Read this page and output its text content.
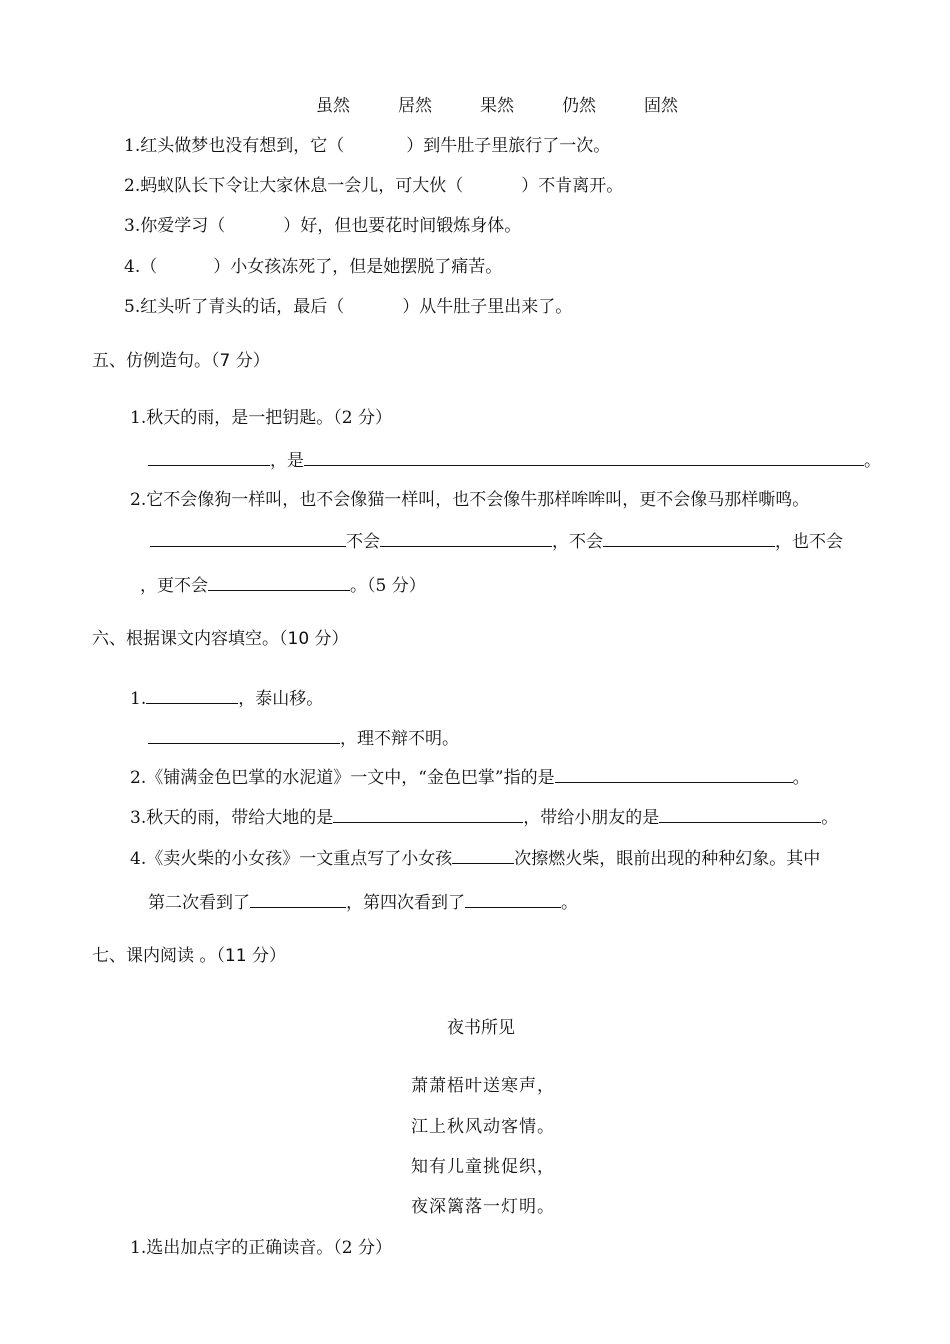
虽然	居然	果然	仍然	固然
1.红头做梦也没有想到，它（	）到牛肚子里旅行了一次。
2.蚂蚁队长下令让大家休息一会儿，可大伙（	）不肯离开。
3.你爱学习（	）好，但也要花时间锻炼身体。
4.（	）小女孩冻死了，但是她摆脱了痛苦。
5.红头听了青头的话，最后（	）从牛肚子里出来了。
五、仿例造句。（7 分）
1.秋天的雨，是一把钥匙。（2 分）
，是	。
2.它不会像狗一样叫，也不会像猫一样叫，也不会像牛那样哞哞叫，更不会像马那样嘶鸣。
不会	，不会	，也不会
，更不会	。（5 分）
六、根据课文内容填空。（10 分）
1.	，泰山移。
，理不辩不明。
2.《铺满金色巴掌的水泥道》一文中，“金色巴掌”指的是	。
3.秋天的雨，带给大地的是	，带给小朋友的是	。
4.《卖火柴的小女孩》一文重点写了小女孩	次擦燃火柴，眼前出现的种种幻象。其中
第二次看到了	，第四次看到了	。
七、课内阅读 。（11 分）
夜书所见
萧萧梧叶送寒声，
江上秋风动客情。
知有儿童挑促织，
夜深篱落一灯明。
1.选出加点字的正确读音。（2 分）
